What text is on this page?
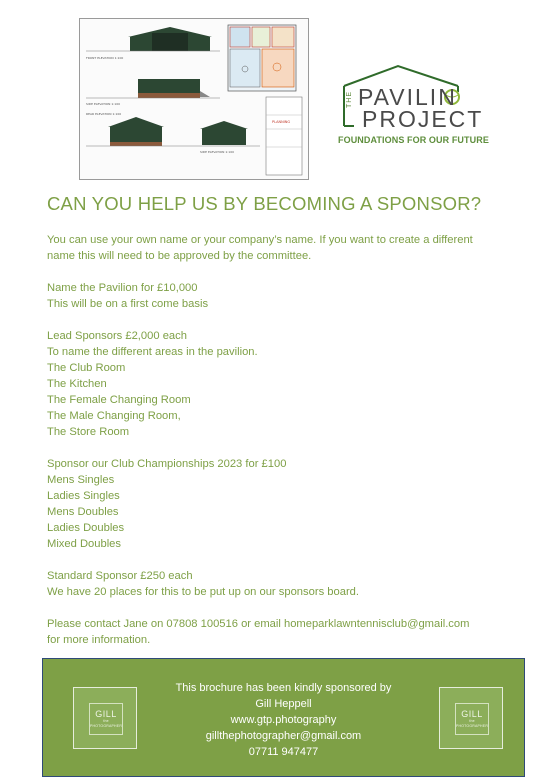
FRONT ELEVATION 1:100
SIDE ELEVATION 1:100
REAR ELEVATION 1:100
SIDE ELEVATION 1:100
PLANNING
THE PAVILIN
PROJECT
FOUNDATIONS FOR OUR FUTURE
CAN YOU HELP US BY BECOMING A SPONSOR?

You can use your own name or your company’s name. If you want to create a different

name this will need to be approved by the committee.

Name the Pavilion for £10,000

This will be on a first come basis

Lead Sponsors £2,000 each

To name the different areas in the pavilion.

The Club Room

The Kitchen

The Female Changing Room

The Male Changing Room,

The Store Room

Sponsor our Club Championships 2023 for £100

Mens Singles

Ladies Singles

Mens Doubles

Ladies Doubles

Mixed Doubles

Standard Sponsor £250 each

We have 20 places for this to be put up on our sponsors board.

Please contact Jane on 07808 100516 or email homeparklawntennisclub@gmail.com

for more information.

GILL
the
PHOTOGRAPHER
This brochure has been kindly sponsored by
Gill Heppell
www.gtp.photography
gillthephotographer@gmail.com
07711 947477
GILL
the
PHOTOGRAPHER
